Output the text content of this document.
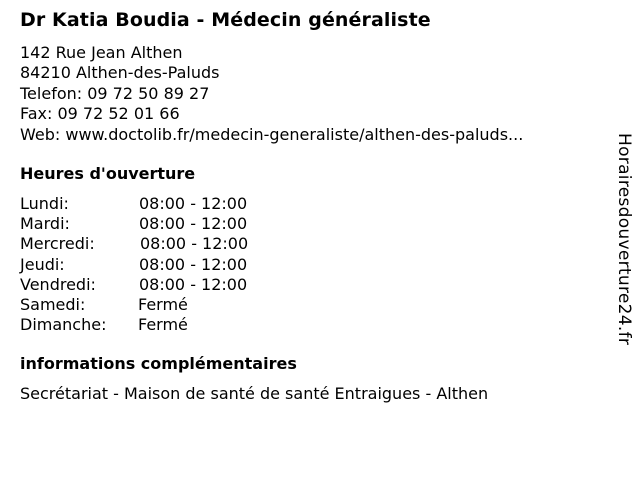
Dr Katia Boudia - Médecin généraliste
142 Rue Jean Althen
84210 Althen-des-Paluds
Telefon: 09 72 50 89 27
Fax: 09 72 52 01 66
Web: www.doctolib.fr/medecin-generaliste/althen-des-paluds...
Heures d'ouverture
Lundi:	08:00 - 12:00
Mardi:	08:00 - 12:00
Mercredi:	08:00 - 12:00
Jeudi:	08:00 - 12:00
Vendredi:	08:00 - 12:00
Samedi:	Fermé
Dimanche: Fermé
informations complémentaires
Secrétariat - Maison de santé de santé Entraigues - Althen
Horairesdouverture24.fr
